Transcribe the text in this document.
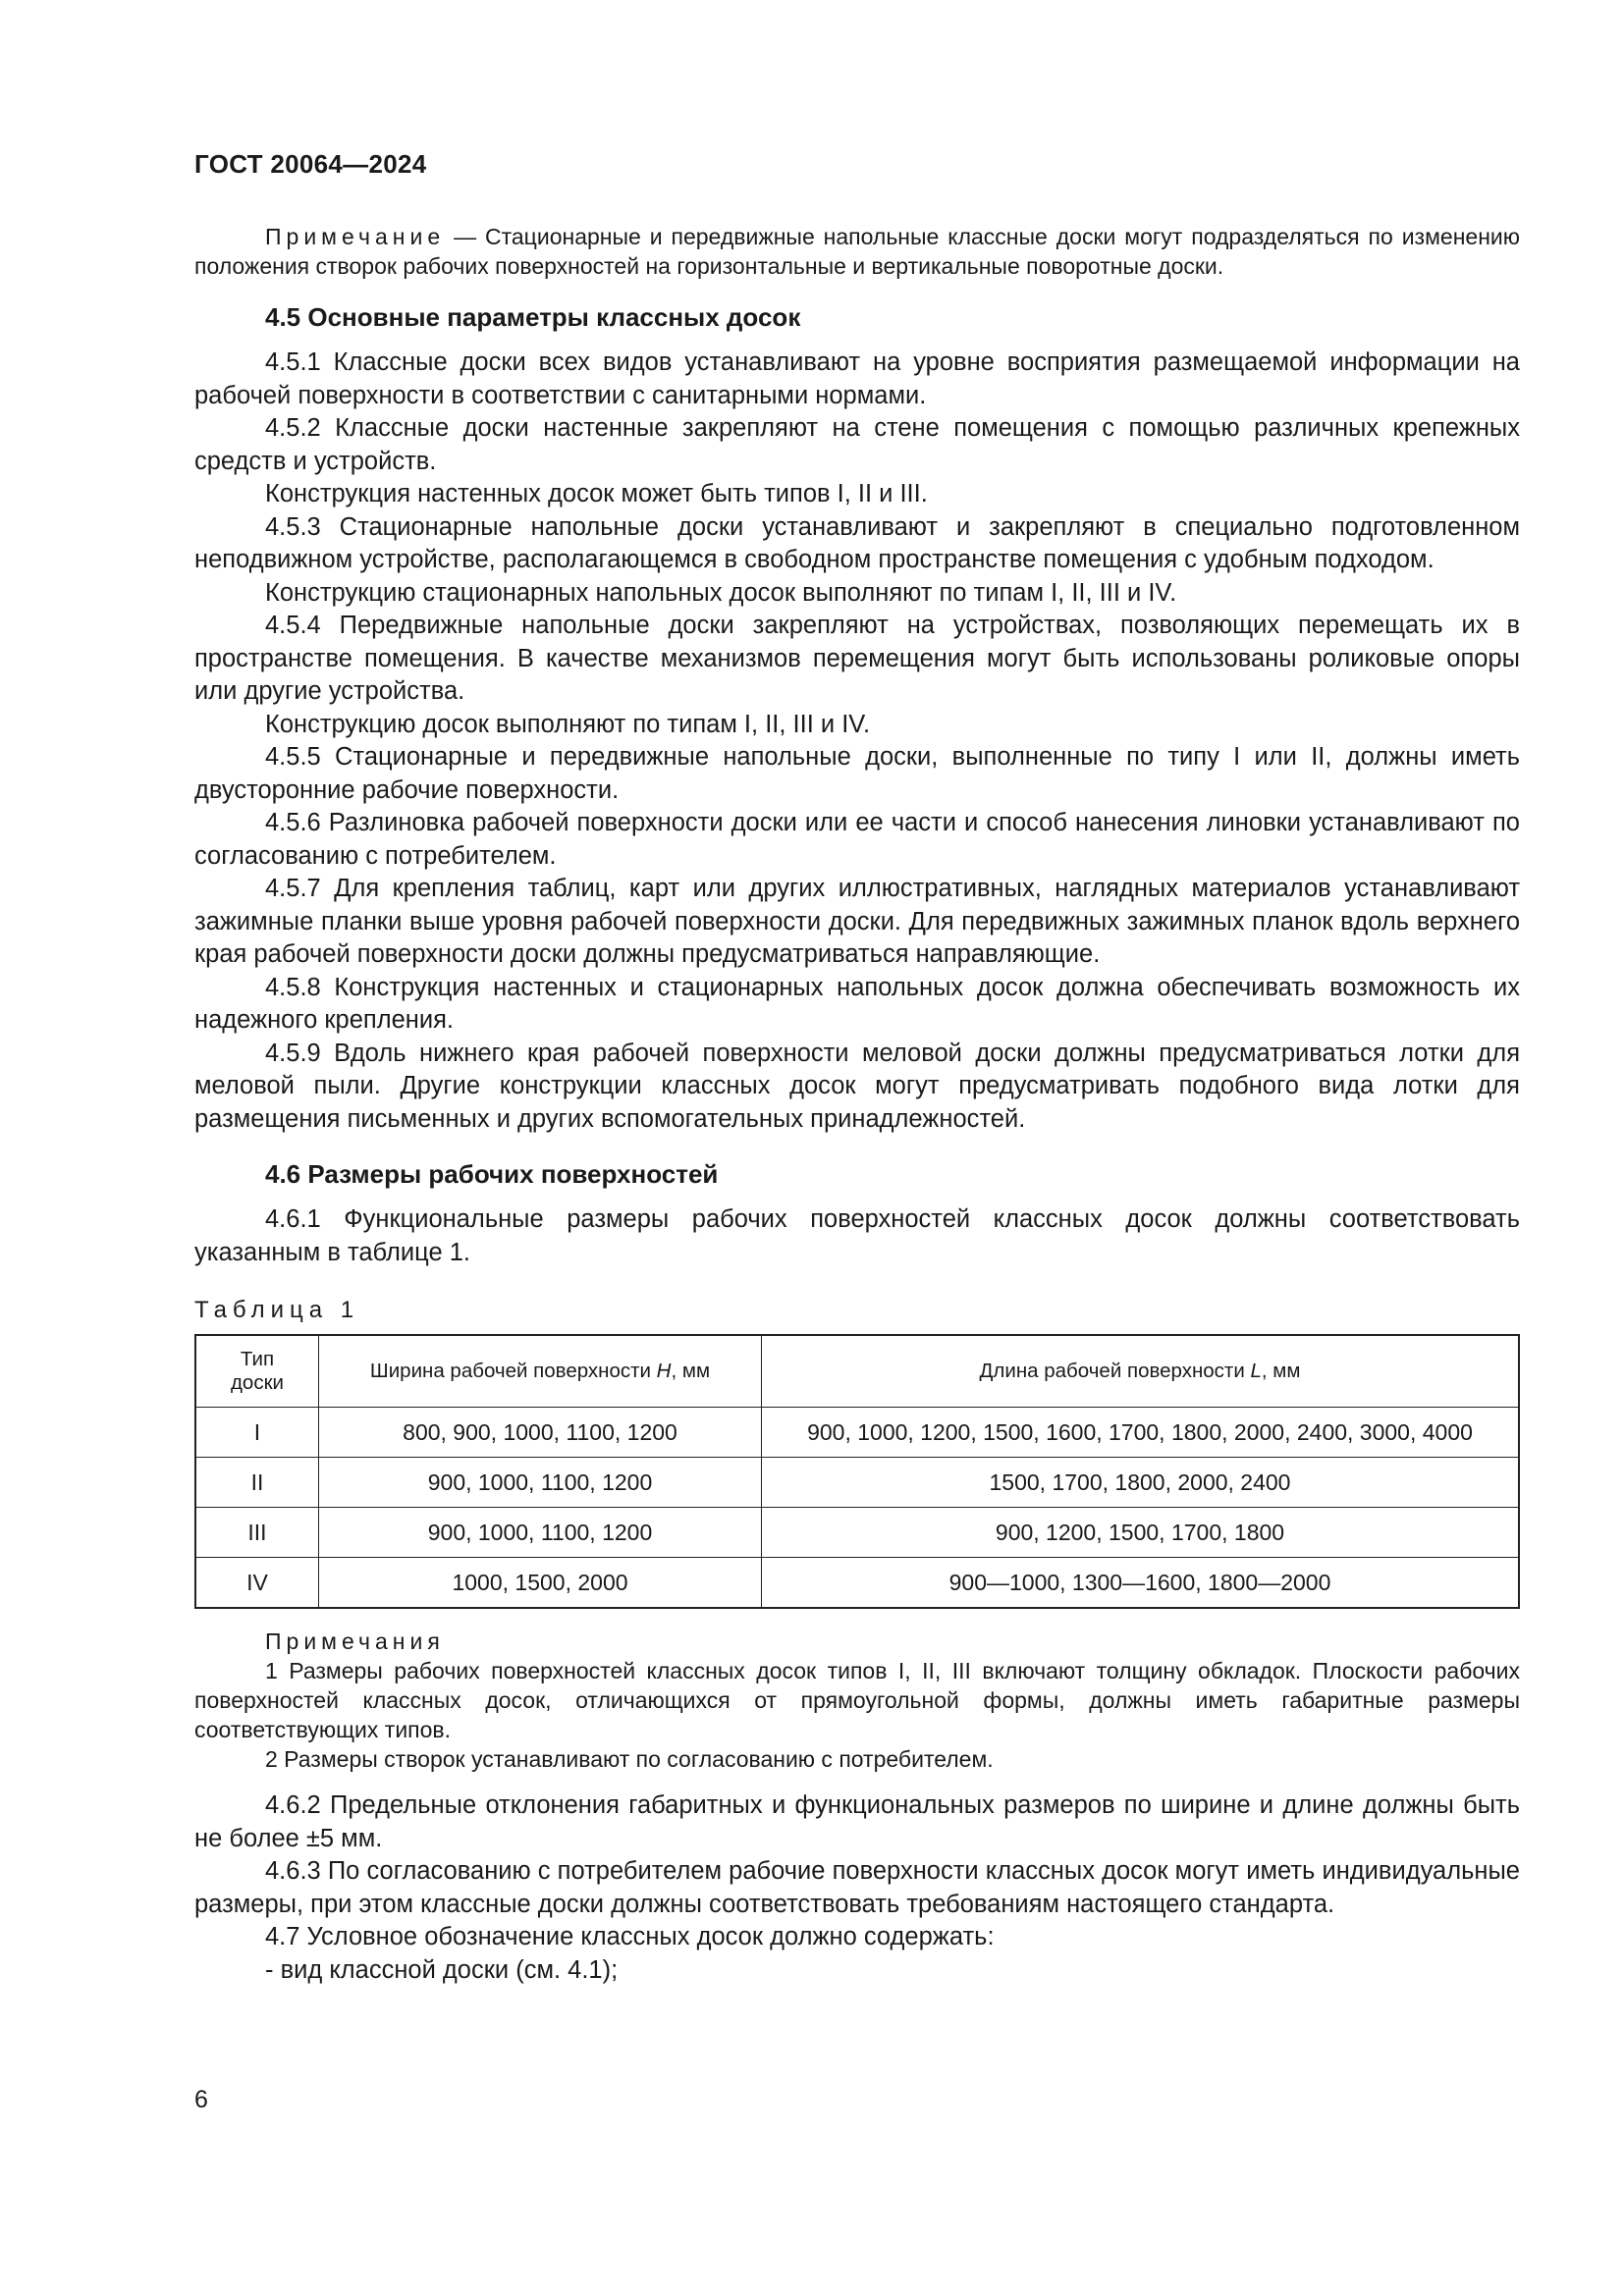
ГОСТ 20064—2024

Примечание — Стационарные и передвижные напольные классные доски могут подразделяться по изменению положения створок рабочих поверхностей на горизонтальные и вертикальные поворотные доски.

4.5 Основные параметры классных досок

4.5.1 Классные доски всех видов устанавливают на уровне восприятия размещаемой информации на рабочей поверхности в соответствии с санитарными нормами.

4.5.2 Классные доски настенные закрепляют на стене помещения с помощью различных крепежных средств и устройств.

Конструкция настенных досок может быть типов I, II и III.

4.5.3 Стационарные напольные доски устанавливают и закрепляют в специально подготовленном неподвижном устройстве, располагающемся в свободном пространстве помещения с удобным подходом.

Конструкцию стационарных напольных досок выполняют по типам I, II, III и IV.

4.5.4 Передвижные напольные доски закрепляют на устройствах, позволяющих перемещать их в пространстве помещения. В качестве механизмов перемещения могут быть использованы роликовые опоры или другие устройства.

Конструкцию досок выполняют по типам I, II, III и IV.

4.5.5 Стационарные и передвижные напольные доски, выполненные по типу I или II, должны иметь двусторонние рабочие поверхности.

4.5.6 Разлиновка рабочей поверхности доски или ее части и способ нанесения линовки устанавливают по согласованию с потребителем.

4.5.7 Для крепления таблиц, карт или других иллюстративных, наглядных материалов устанавливают зажимные планки выше уровня рабочей поверхности доски. Для передвижных зажимных планок вдоль верхнего края рабочей поверхности доски должны предусматриваться направляющие.

4.5.8 Конструкция настенных и стационарных напольных досок должна обеспечивать возможность их надежного крепления.

4.5.9 Вдоль нижнего края рабочей поверхности меловой доски должны предусматриваться лотки для меловой пыли. Другие конструкции классных досок могут предусматривать подобного вида лотки для размещения письменных и других вспомогательных принадлежностей.

4.6 Размеры рабочих поверхностей

4.6.1 Функциональные размеры рабочих поверхностей классных досок должны соответствовать указанным в таблице 1.

Таблица 1
Тип
доски	Ширина рабочей поверхности H, мм	Длина рабочей поверхности L, мм
I	800, 900, 1000, 1100, 1200	900, 1000, 1200, 1500, 1600, 1700, 1800, 2000, 2400, 3000, 4000
II	900, 1000, 1100, 1200	1500, 1700, 1800, 2000, 2400
III	900, 1000, 1100, 1200	900, 1200, 1500, 1700, 1800
IV	1000, 1500, 2000	900—1000, 1300—1600, 1800—2000

Примечания

1 Размеры рабочих поверхностей классных досок типов I, II, III включают толщину обкладок. Плоскости рабочих поверхностей классных досок, отличающихся от прямоугольной формы, должны иметь габаритные размеры соответствующих типов.

2 Размеры створок устанавливают по согласованию с потребителем.

4.6.2 Предельные отклонения габаритных и функциональных размеров по ширине и длине должны быть не более ±5 мм.

4.6.3 По согласованию с потребителем рабочие поверхности классных досок могут иметь индивидуальные размеры, при этом классные доски должны соответствовать требованиям настоящего стандарта.

4.7 Условное обозначение классных досок должно содержать:

- вид классной доски (см. 4.1);

6
